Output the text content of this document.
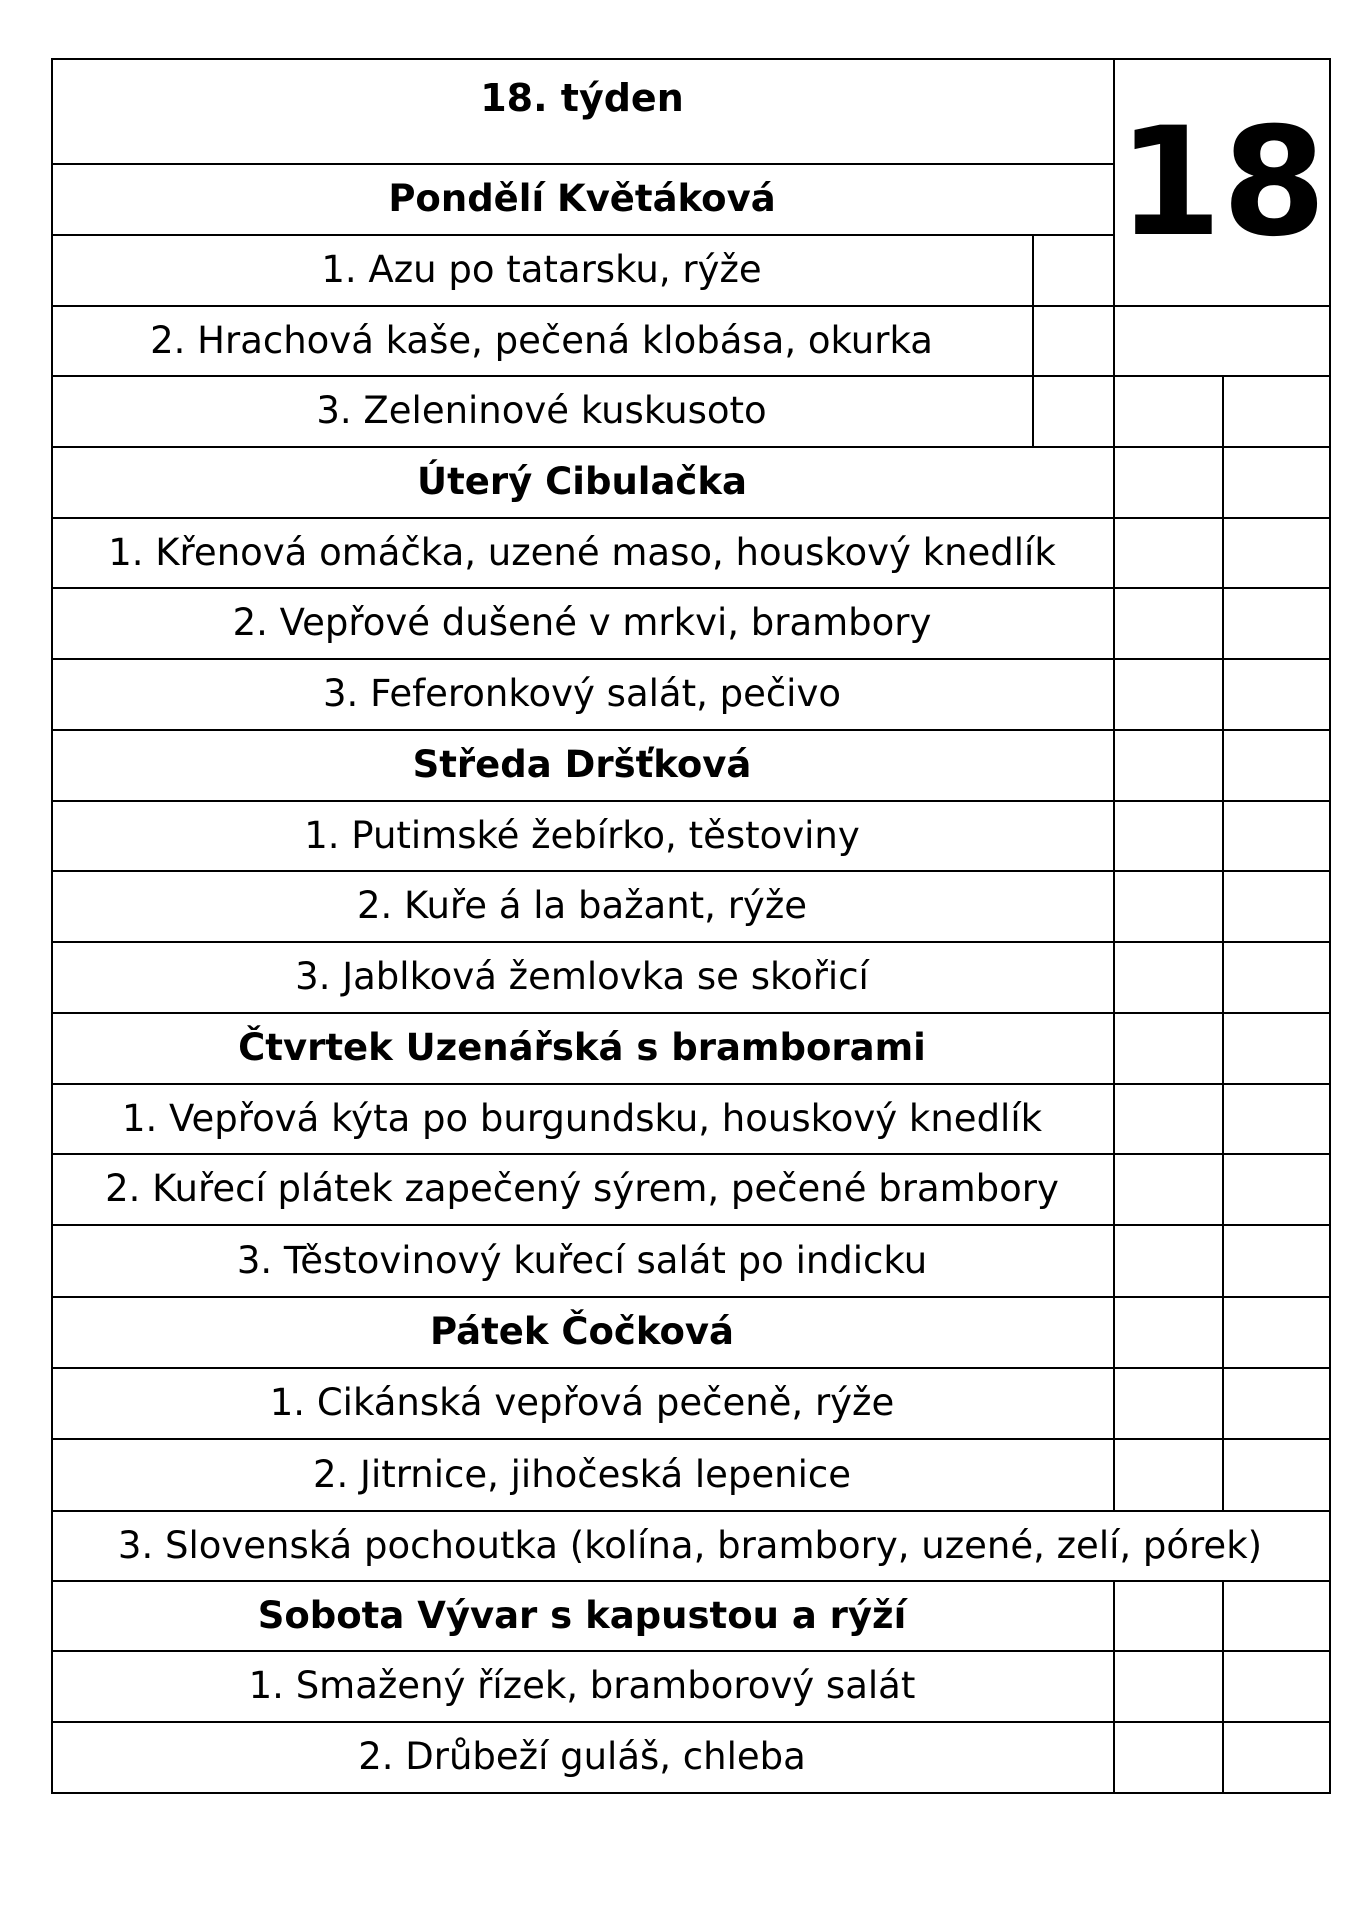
18
18. týden
Pondělí Květáková
1. Azu po tatarsku, rýže
2. Hrachová kaše, pečená klobása, okurka
3. Zeleninové kuskusoto
Úterý Cibulačka
1. Křenová omáčka, uzené maso, houskový knedlík
2. Vepřové dušené v mrkvi, brambory
3. Feferonkový salát, pečivo
Středa Dršťková
1. Putimské žebírko, těstoviny
2. Kuře á la bažant, rýže
3. Jablková žemlovka se skořicí
Čtvrtek Uzenářská s bramborami
1. Vepřová kýta po burgundsku, houskový knedlík
2. Kuřecí plátek zapečený sýrem, pečené brambory
3. Těstovinový kuřecí salát po indicku
Pátek Čočková
1. Cikánská vepřová pečeně, rýže
2. Jitrnice, jihočeská lepenice
3. Slovenská pochoutka (kolína, brambory, uzené, zelí, pórek)
Sobota Vývar s kapustou a rýží
1. Smažený řízek, bramborový salát
2. Drůbeží guláš, chleba
